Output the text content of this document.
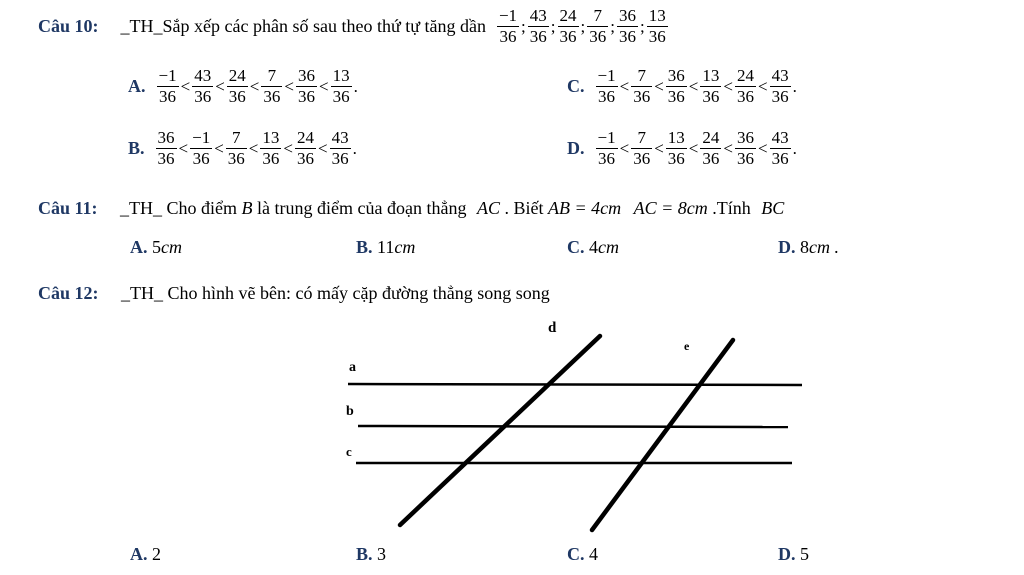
Câu 10: _TH_Sắp xếp các phân số sau theo thứ tự tăng dần $\frac{-1}{36}$ ; $\frac{43}{36}$ ; $\frac{24}{36}$ ; $\frac{7}{36}$ ; $\frac{36}{36}$ ; $\frac{13}{36}$
A. $\frac{-1}{36} < \frac{43}{36} < \frac{24}{36} < \frac{7}{36} < \frac{36}{36} < \frac{13}{36}$ .	C. $\frac{-1}{36} < \frac{7}{36} < \frac{36}{36} < \frac{13}{36} < \frac{24}{36} < \frac{43}{36}$ .
B. $\frac{36}{36} < \frac{-1}{36} < \frac{7}{36} < \frac{13}{36} < \frac{24}{36} < \frac{43}{36}$ .	D. $\frac{-1}{36} < \frac{7}{36} < \frac{13}{36} < \frac{24}{36} < \frac{36}{36} < \frac{43}{36}$ .
Câu 11: _TH_ Cho điểm B là trung điểm của đoạn thẳng AC . Biết AB = 4cm AC = 8cm .Tính BC
A. 5cm	B. 11cm	C. 4cm	D. 8cm .
Câu 12: _TH_ Cho hình vẽ bên: có mấy cặp đường thẳng song song
d
e
a
b
c
A. 2	B. 3	C. 4	D. 5
